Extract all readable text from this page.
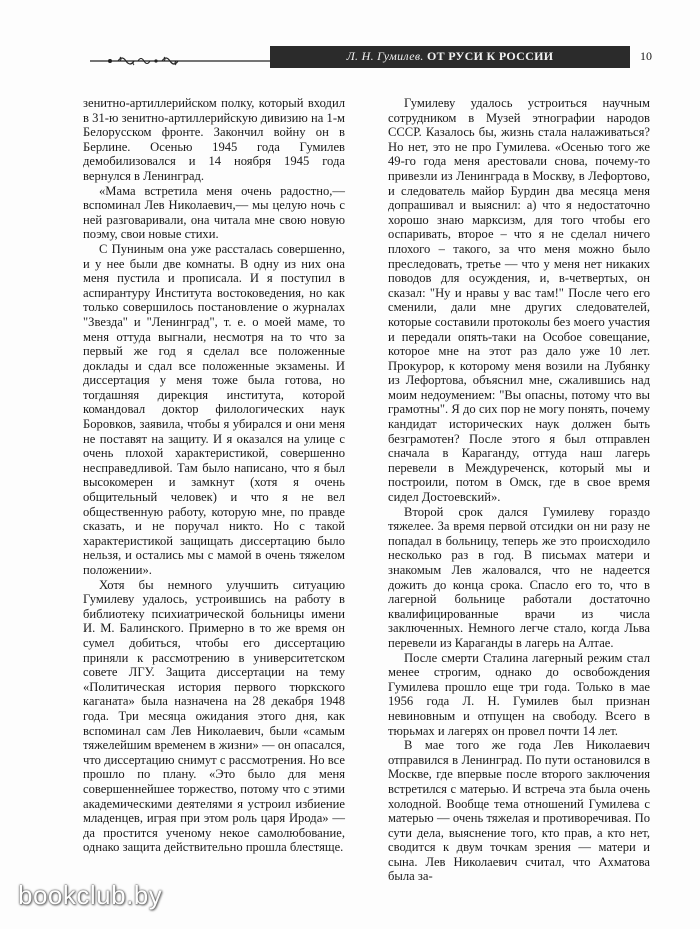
Л. Н. Гумилев. ОТ РУСИ К РОССИИ	10

зенитно-артиллерийском полку, который входил в 31-ю зенитно-артиллерийскую дивизию на 1-м Белорусском фронте. Закончил войну он в Берлине. Осенью 1945 года Гумилев демобилизовался и 14 ноября 1945 года вернулся в Ленинград.

«Мама встретила меня очень радостно,— вспоминал Лев Николаевич,— мы целую ночь с ней разговаривали, она читала мне свою новую поэму, свои новые стихи.

С Пуниным она уже рассталась совершенно, и у нее были две комнаты. В одну из них она меня пустила и прописала. И я поступил в аспирантуру Института востоковедения, но как только совершилось постановление о журналах "Звезда" и "Ленинград", т. е. о моей маме, то меня оттуда выгнали, несмотря на то что за первый же год я сделал все положенные доклады и сдал все положенные экзамены. И диссертация у меня тоже была готова, но тогдашняя дирекция института, которой командовал доктор филологических наук Боровков, заявила, чтобы я убирался и они меня не поставят на защиту. И я оказался на улице с очень плохой характеристикой, совершенно несправедливой. Там было написано, что я был высокомерен и замкнут (хотя я очень общительный человек) и что я не вел общественную работу, которую мне, по правде сказать, и не поручал никто. Но с такой характеристикой защищать диссертацию было нельзя, и остались мы с мамой в очень тяжелом положении».

Хотя бы немного улучшить ситуацию Гумилеву удалось, устроившись на работу в библиотеку психиатрической больницы имени И. М. Балинского. Примерно в то же время он сумел добиться, чтобы его диссертацию приняли к рассмотрению в университетском совете ЛГУ. Защита диссертации на тему «Политическая история первого тюркского каганата» была назначена на 28 декабря 1948 года. Три месяца ожидания этого дня, как вспоминал сам Лев Николаевич, были «самым тяжелейшим временем в жизни» — он опасался, что диссертацию снимут с рассмотрения. Но все прошло по плану. «Это было для меня совершеннейшее торжество, потому что с этими академическими деятелями я устроил избиение младенцев, играя при этом роль царя Ирода» — да простится ученому некое самолюбование, однако защита действительно прошла блестяще.

Гумилеву удалось устроиться научным сотрудником в Музей этнографии народов СССР. Казалось бы, жизнь стала налаживаться? Но нет, это не про Гумилева. «Осенью того же 49-го года меня арестовали снова, почему-то привезли из Ленинграда в Москву, в Лефортово, и следователь майор Бурдин два месяца меня допрашивал и выяснил: а) что я недостаточно хорошо знаю марксизм, для того чтобы его оспаривать, второе – что я не сделал ничего плохого – такого, за что меня можно было преследовать, третье — что у меня нет никаких поводов для осуждения, и, в-четвертых, он сказал: "Ну и нравы у вас там!" После чего его сменили, дали мне других следователей, которые составили протоколы без моего участия и передали опять-таки на Особое совещание, которое мне на этот раз дало уже 10 лет. Прокурор, к которому меня возили на Лубянку из Лефортова, объяснил мне, сжалившись над моим недоумением: "Вы опасны, потому что вы грамотны". Я до сих пор не могу понять, почему кандидат исторических наук должен быть безграмотен? После этого я был отправлен сначала в Караганду, оттуда наш лагерь перевели в Междуреченск, который мы и построили, потом в Омск, где в свое время сидел Достоевский».

Второй срок дался Гумилеву гораздо тяжелее. За время первой отсидки он ни разу не попадал в больницу, теперь же это происходило несколько раз в год. В письмах матери и знакомым Лев жаловался, что не надеется дожить до конца срока. Спасло его то, что в лагерной больнице работали достаточно квалифицированные врачи из числа заключенных. Немного легче стало, когда Льва перевели из Караганды в лагерь на Алтае.

После смерти Сталина лагерный режим стал менее строгим, однако до освобождения Гумилева прошло еще три года. Только в мае 1956 года Л. Н. Гумилев был признан невиновным и отпущен на свободу. Всего в тюрьмах и лагерях он провел почти 14 лет.

В мае того же года Лев Николаевич отправился в Ленинград. По пути остановился в Москве, где впервые после второго заключения встретился с матерью. И встреча эта была очень холодной. Вообще тема отношений Гумилева с матерью — очень тяжелая и противоречивая. По сути дела, выяснение того, кто прав, а кто нет, сводится к двум точкам зрения — матери и сына. Лев Николаевич считал, что Ахматова была за-

bookclub.by
